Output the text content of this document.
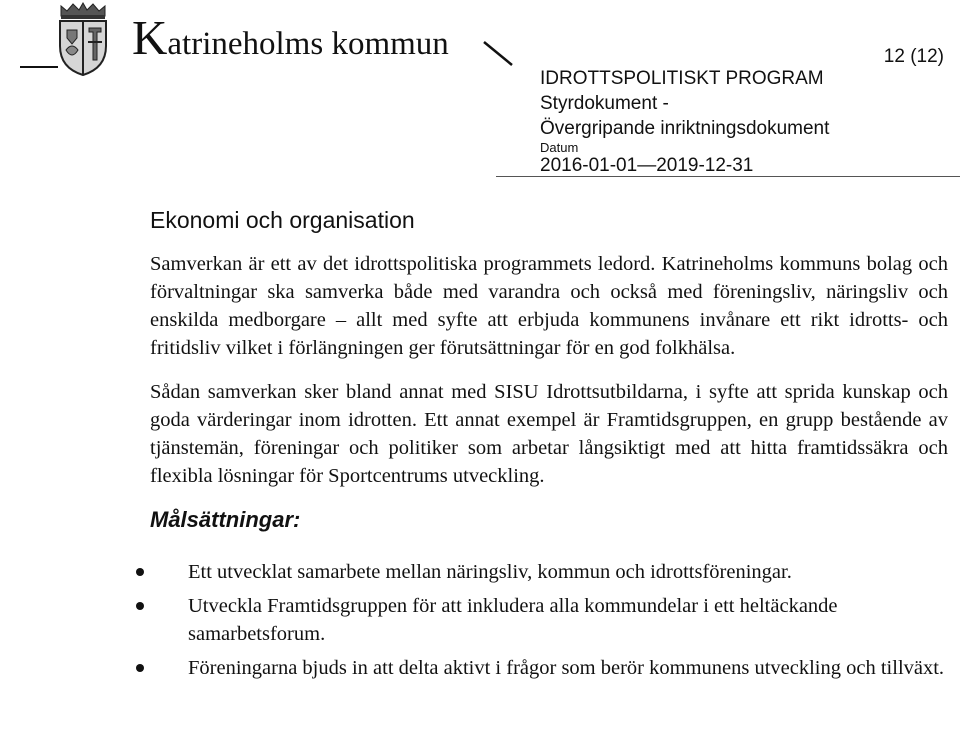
Katrineholms kommun	12 (12)
IDROTTSPOLITISKT PROGRAM
Styrdokument -
Övergripande inriktningsdokument
Datum
2016-01-01—2019-12-31
Ekonomi och organisation

Samverkan är ett av det idrottspolitiska programmets ledord. Katrineholms kommuns bolag och förvaltningar ska samverka både med varandra och också med föreningsliv, näringsliv och enskilda medborgare – allt med syfte att erbjuda kommunens invånare ett rikt idrotts- och fritidsliv vilket i förlängningen ger förutsättningar för en god folkhälsa.

Sådan samverkan sker bland annat med SISU Idrottsutbildarna, i syfte att sprida kunskap och goda värderingar inom idrotten. Ett annat exempel är Framtidsgruppen, en grupp bestående av tjänstemän, föreningar och politiker som arbetar långsiktigt med att hitta framtidssäkra och flexibla lösningar för Sportcentrums utveckling.

Målsättningar:
Ett utvecklat samarbete mellan näringsliv, kommun och idrottsföreningar.
Utveckla Framtidsgruppen för att inkludera alla kommundelar i ett heltäckande samarbetsforum.
Föreningarna bjuds in att delta aktivt i frågor som berör kommunens utveckling och tillväxt.
